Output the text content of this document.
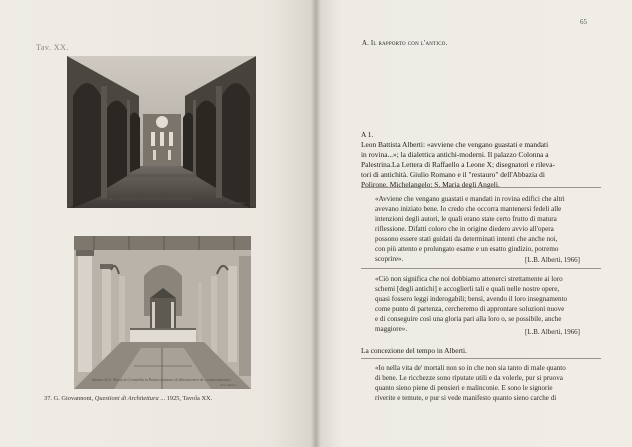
Tav. XX.
Chiesa di S. Galgano presso Siena (stato di conservazione)
Fot. Alinari
Interno di S. Maria in Cosmedin in Roma (restauro di liberazione e di completamento).
Fot. Alinari
37. G. Giovannoni, Questioni di Architettura ... 1925, Tavola XX.
65
A. Il rapporto con l'antico.
A 1.
Leon Battista Alberti: «avviene che vengano guastati e mandati
in rovina...»; la dialettica antichi-moderni. Il palazzo Colonna a
Palestrina.La Lettera di Raffaello a Leone X; disegnatori e rileva-
tori di antichità. Giulio Romano e il "restauro" dell'Abbazia di
Polirone. Michelangelo: S. Maria degli Angeli.
«Avviene che vengano guastati e mandati in rovina edifici che altri
avevano iniziato bene. Io credo che occorra mantenersi fedeli alle
intenzioni degli autori, le quali erano state certo frutto di matura
riflessione. Difatti coloro che in origine diedero avvio all'opera
possono essere stati guidati da determinati intenti che anche noi,
con più attento e prolungato esame e un esatto giudizio, potremo
scoprire».	[L.B. Alberti, 1966]
«Ciò non significa che noi dobbiamo attenerci strettamente ai loro
schemi [degli antichi] e accoglierli tali e quali nelle nostre opere,
quasi fossero leggi inderogabili; bensì, avendo il loro insegnamento
come punto di partenza, cercheremo di approntare soluzioni nuove
e di conseguire così una gloria pari alla loro o, se possibile, anche
maggiore».	[L.B. Alberti, 1966]
La concezione del tempo in Alberti.
«Io nella vita de' mortali non so in che non sia tanto di male quanto
di bene. Le ricchezze sono riputate utili e da volerle, pur si pruova
quanto sieno piene di pensieri e malinconie. E sono le signorie
riverite e temute, e pur si vede manifesto quanto sieno carche di
